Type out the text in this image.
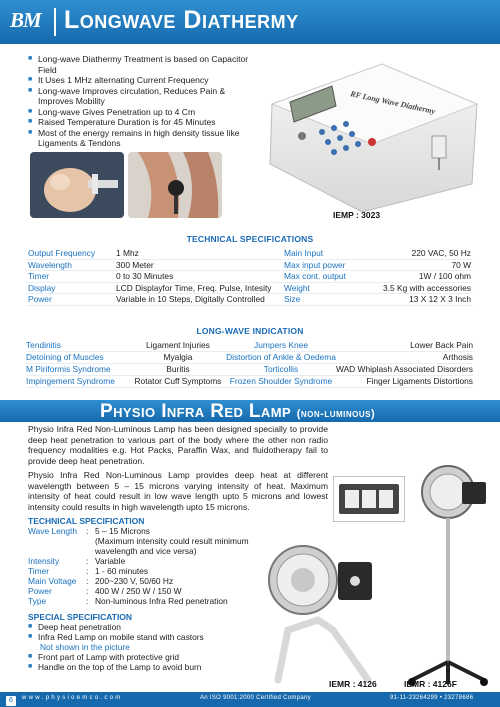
BM Longwave Diathermy
■ Long-wave Diathermy Treatment is based on Capacitor Field
■ It Uses 1 MHz alternating Current Frequency
■ Long-wave Improves circulation, Reduces Pain & Improves Mobility
■ Long-wave Gives Penetration up to 4 Cm
■ Raised Temperature Duration is for 45 Minutes
■ Most of the energy remains in high density tissue like Ligaments & Tendons
RF Long Wave Diathermy
IEMP : 3023
TECHNICAL SPECIFICATIONS
Output Frequency	1 Mhz	Main Input	220 VAC, 50 Hz
Wavelength	300 Meter	Max input power	70 W
Timer	0 to 30 Minutes	Max cont. output	1W / 100 ohm
Display	LCD Displayfor Time, Freq. Pulse, Intesity	Weight	3.5 Kg with accessories
Power	Variable in 10 Steps, Digitally Controlled	Size	13 X 12 X 3 Inch
LONG-WAVE INDICATION
Tendinitis	Ligament Injuries	Jumpers Knee	Lower Back Pain
Detoining of Muscles	Myalgia	Distortion of Ankle & Oedema	Arthosis
M Piriformis Syndrome	Buritis	Torticollis	WAD Whiplash Associated Disorders
Impingement Syndrome	Rotator Cuff Symptoms	Frozen Shoulder Syndrome	Finger Ligaments Distortions
Physio Infra Red Lamp (non-luminous)
Physio Infra Red Non-Luminous Lamp has been designed specially to provide deep heat penetration to various part of the body where the other non radio frequency modalities e.g. Hot Packs, Paraffin Wax, and fluidotherapy fail to provide deep heat penetration.
Physio Infra Red Non-Luminous Lamp provides deep heat at different wavelength between 5 – 15 microns varying intensity of heat. Maximum intensity of heat could result in low wave length upto 5 microns and lowest intensity could results in high wavelength upto 15 microns.
TECHNICAL SPECIFICATION
Wave Length	: 5 – 15 Microns
(Maximum intensity could result minimum wavelength and vice versa)
Intensity	: Variable
Timer	: 1 - 60 minutes
Main Voltage	: 200~230 V, 50/60 Hz
Power	: 400 W / 250 W / 150 W
Type	: Non-luminous Infra Red penetration
SPECIAL SPECIFICATION
■ Deep heat penetration
■ Infra Red Lamp on mobile stand with castors
Not shown in the picture
■ Front part of Lamp with protective grid
■ Handle on the top of the Lamp to avoid burn
IEMR : 4126	IEMR : 4126F
w w w . p h y s i o e m c o . c o m	An ISO 9001:2000 Certified Company	91-11-23264299 • 23278686
6
